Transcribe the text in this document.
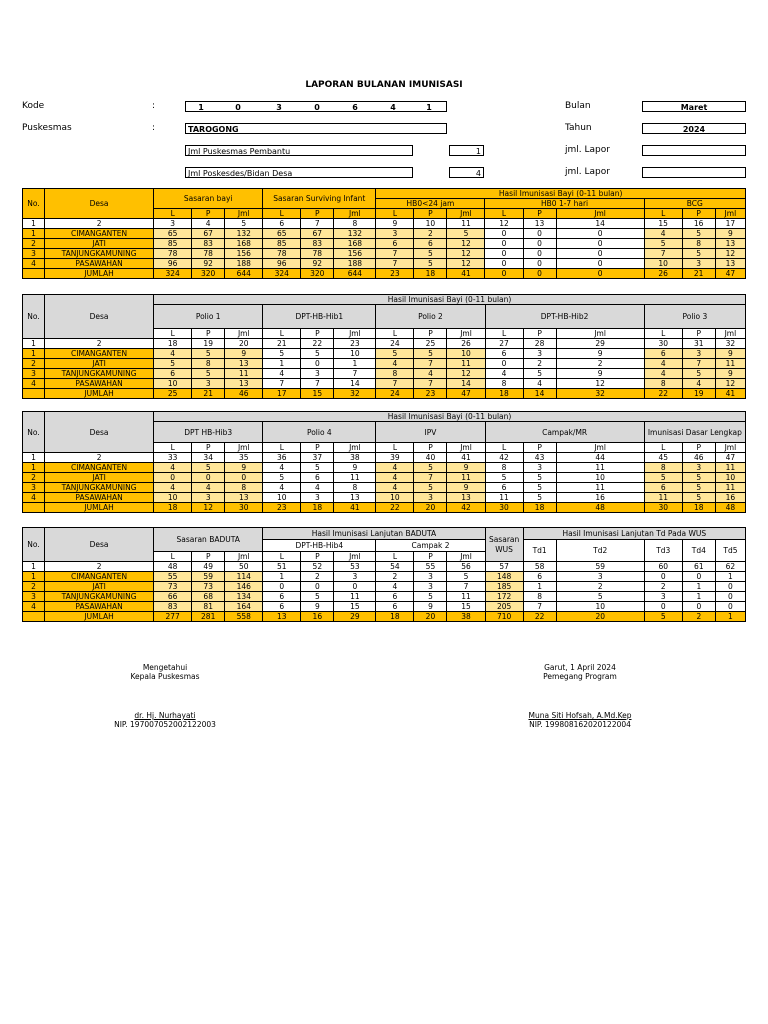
LAPORAN BULANAN IMUNISASI
Kode	:	1	0	3	0	6	4	1
Puskesmas	:	TAROGONG
Jml Puskesmas Pembantu	1
Jml Poskesdes/Bidan Desa	4
Bulan	Maret
Tahun	2024
jml. Lapor
jml. Lapor
No.	Desa	Sasaran bayi			Sasaran Surviving Infant			Hasil Imunisasi Bayi (0-11 bulan)								
								HB0<24 jam			HB0 1-7 hari			BCG		
		L	P	Jml	L	P	Jml	L	P	Jml	L	P	Jml	L	P	Jml
1	2	3	4	5	6	7	8	9	10	11	12	13	14	15	16	17
1	CIMANGANTEN	65	67	132	65	67	132	3	2	5	0	0	0	4	5	9
2	JATI	85	83	168	85	83	168	6	6	12	0	0	0	5	8	13
3	TANJUNGKAMUNING	78	78	156	78	78	156	7	5	12	0	0	0	7	5	12
4	PASAWAHAN	96	92	188	96	92	188	7	5	12	0	0	0	10	3	13
	JUMLAH	324	320	644	324	320	644	23	18	41	0	0	0	26	21	47
No.	Desa	Hasil Imunisasi Bayi (0-11 bulan)														
		Polio 1			DPT-HB-Hib1			Polio 2			DPT-HB-Hib2			Polio 3		
		L	P	Jml	L	P	Jml	L	P	Jml	L	P	Jml	L	P	Jml
1	2	18	19	20	21	22	23	24	25	26	27	28	29	30	31	32
1	CIMANGANTEN	4	5	9	5	5	10	5	5	10	6	3	9	6	3	9
2	JATI	5	8	13	1	0	1	4	7	11	0	2	2	4	7	11
3	TANJUNGKAMUNING	6	5	11	4	3	7	8	4	12	4	5	9	4	5	9
4	PASAWAHAN	10	3	13	7	7	14	7	7	14	8	4	12	8	4	12
	JUMLAH	25	21	46	17	15	32	24	23	47	18	14	32	22	19	41
No.	Desa	Hasil Imunisasi Bayi (0-11 bulan)														
		DPT HB-Hib3			Polio 4			IPV			Campak/MR			Imunisasi Dasar Lengkap		
		L	P	Jml	L	P	Jml	L	P	Jml	L	P	Jml	L	P	Jml
1	2	33	34	35	36	37	38	39	40	41	42	43	44	45	46	47
1	CIMANGANTEN	4	5	9	4	5	9	4	5	9	8	3	11	8	3	11
2	JATI	0	0	0	5	6	11	4	7	11	5	5	10	5	5	10
3	TANJUNGKAMUNING	4	4	8	4	4	8	4	5	9	6	5	11	6	5	11
4	PASAWAHAN	10	3	13	10	3	13	10	3	13	11	5	16	11	5	16
	JUMLAH	18	12	30	23	18	41	22	20	42	30	18	48	30	18	48
No.	Desa	Sasaran BADUTA			Hasil Imunisasi Lanjutan BADUTA						Sasaran WUS	Hasil Imunisasi Lanjutan Td Pada WUS				
					DPT-HB-Hib4			Campak 2				Td1	Td2	Td3	Td4	Td5
		L	P	Jml	L	P	Jml	L	P	Jml						
1	2	48	49	50	51	52	53	54	55	56	57	58	59	60	61	62
1	CIMANGANTEN	55	59	114	1	2	3	2	3	5	148	6	3	0	0	1
2	JATI	73	73	146	0	0	0	4	3	7	185	1	2	2	1	0
3	TANJUNGKAMUNING	66	68	134	6	5	11	6	5	11	172	8	5	3	1	0
4	PASAWAHAN	83	81	164	6	9	15	6	9	15	205	7	10	0	0	0
	JUMLAH	277	281	558	13	16	29	18	20	38	710	22	20	5	2	1
Mengetahui
Kepala Puskesmas
dr. Hj. Nurhayati
NIP. 197007052002122003
Garut, 1 April 2024
Pemegang Program
Muna Siti Hofsah, A.Md.Kep
NIP. 199808162020122004
